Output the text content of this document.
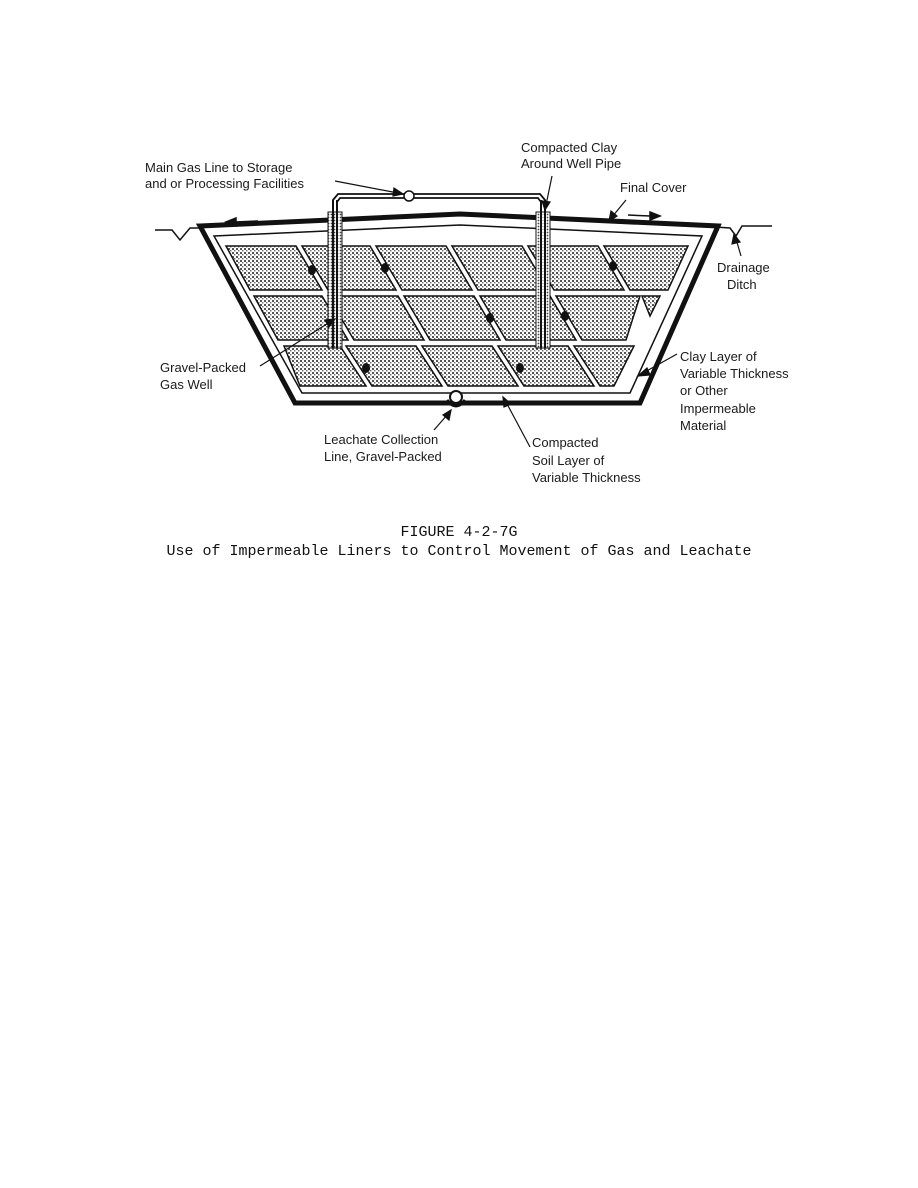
Main Gas Line to Storage
and or Processing Facilities
Compacted Clay
Around Well Pipe
Final Cover
Drainage
Ditch
Gravel-Packed
Gas Well
Clay Layer of
Variable Thickness
or Other
Impermeable
Material
Leachate Collection
Line, Gravel-Packed
Compacted
Soil Layer of
Variable Thickness
FIGURE 4-2-7G
Use of Impermeable Liners to Control Movement of Gas and Leachate
